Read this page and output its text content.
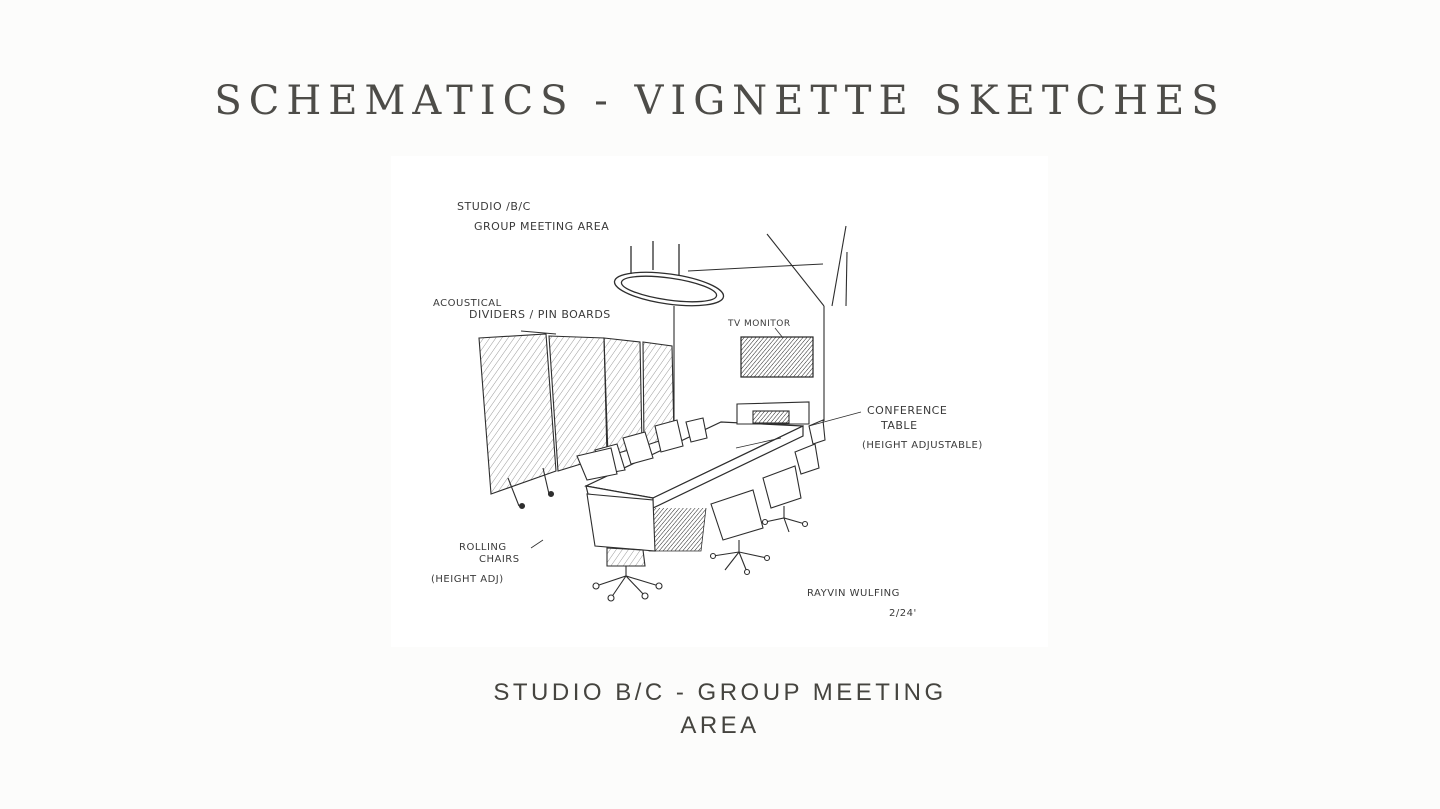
SCHEMATICS - VIGNETTE SKETCHES
STUDIO /B/C
GROUP MEETING AREA
ACOUSTICAL
DIVIDERS / PIN BOARDS
TV MONITOR
CONFERENCE
TABLE
(HEIGHT ADJUSTABLE)
ROLLING
CHAIRS
(HEIGHT ADJ)
RAYVIN WULFING
2/24'
STUDIO B/C - GROUP MEETING
AREA
